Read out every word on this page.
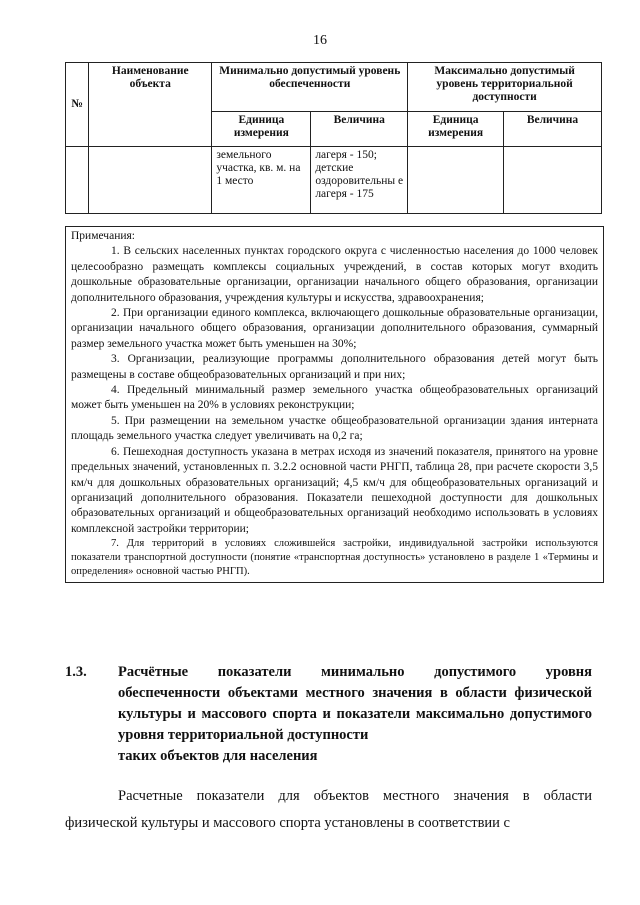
16
№	Наименование объекта	Минимально допустимый уровень обеспеченности		Максимально допустимый уровень территориальной доступности	
		Единица измерения	Величина	Единица измерения	Величина
		земельного участка, кв. м. на 1 место	лагеря - 150; детские оздоровительны е лагеря - 175		

Примечания:

1. В сельских населенных пунктах городского округа с численностью населения до 1000 человек целесообразно размещать комплексы социальных учреждений, в состав которых могут входить дошкольные образовательные организации, организации начального общего образования, организации дополнительного образования, учреждения культуры и искусства, здравоохранения;

2. При организации единого комплекса, включающего дошкольные образовательные организации, организации начального общего образования, организации дополнительного образования, суммарный размер земельного участка может быть уменьшен на 30%;

3. Организации, реализующие программы дополнительного образования детей могут быть размещены в составе общеобразовательных организаций и при них;

4. Предельный минимальный размер земельного участка общеобразовательных организаций может быть уменьшен на 20% в условиях реконструкции;

5. При размещении на земельном участке общеобразовательной организации здания интерната площадь земельного участка следует увеличивать на 0,2 га;

6. Пешеходная доступность указана в метрах исходя из значений показателя, принятого на уровне предельных значений, установленных п. 3.2.2 основной части РНГП, таблица 28, при расчете скорости 3,5 км/ч для дошкольных образовательных организаций; 4,5 км/ч для общеобразовательных организаций и организаций дополнительного образования. Показатели пешеходной доступности для дошкольных образовательных организаций и общеобразовательных организаций необходимо использовать в условиях комплексной застройки территории;

7. Для территорий в условиях сложившейся застройки, индивидуальной застройки используются показатели транспортной доступности (понятие «транспортная доступность» установлено в разделе 1 «Термины и определения» основной частью РНГП).

1.3. Расчётные показатели минимально допустимого уровня обеспеченности объектами местного значения в области физической культуры и массового спорта и показатели максимально допустимого уровня территориальной доступности
таких объектов для населения

Расчетные показатели для объектов местного значения в области физической культуры и массового спорта установлены в соответствии с
